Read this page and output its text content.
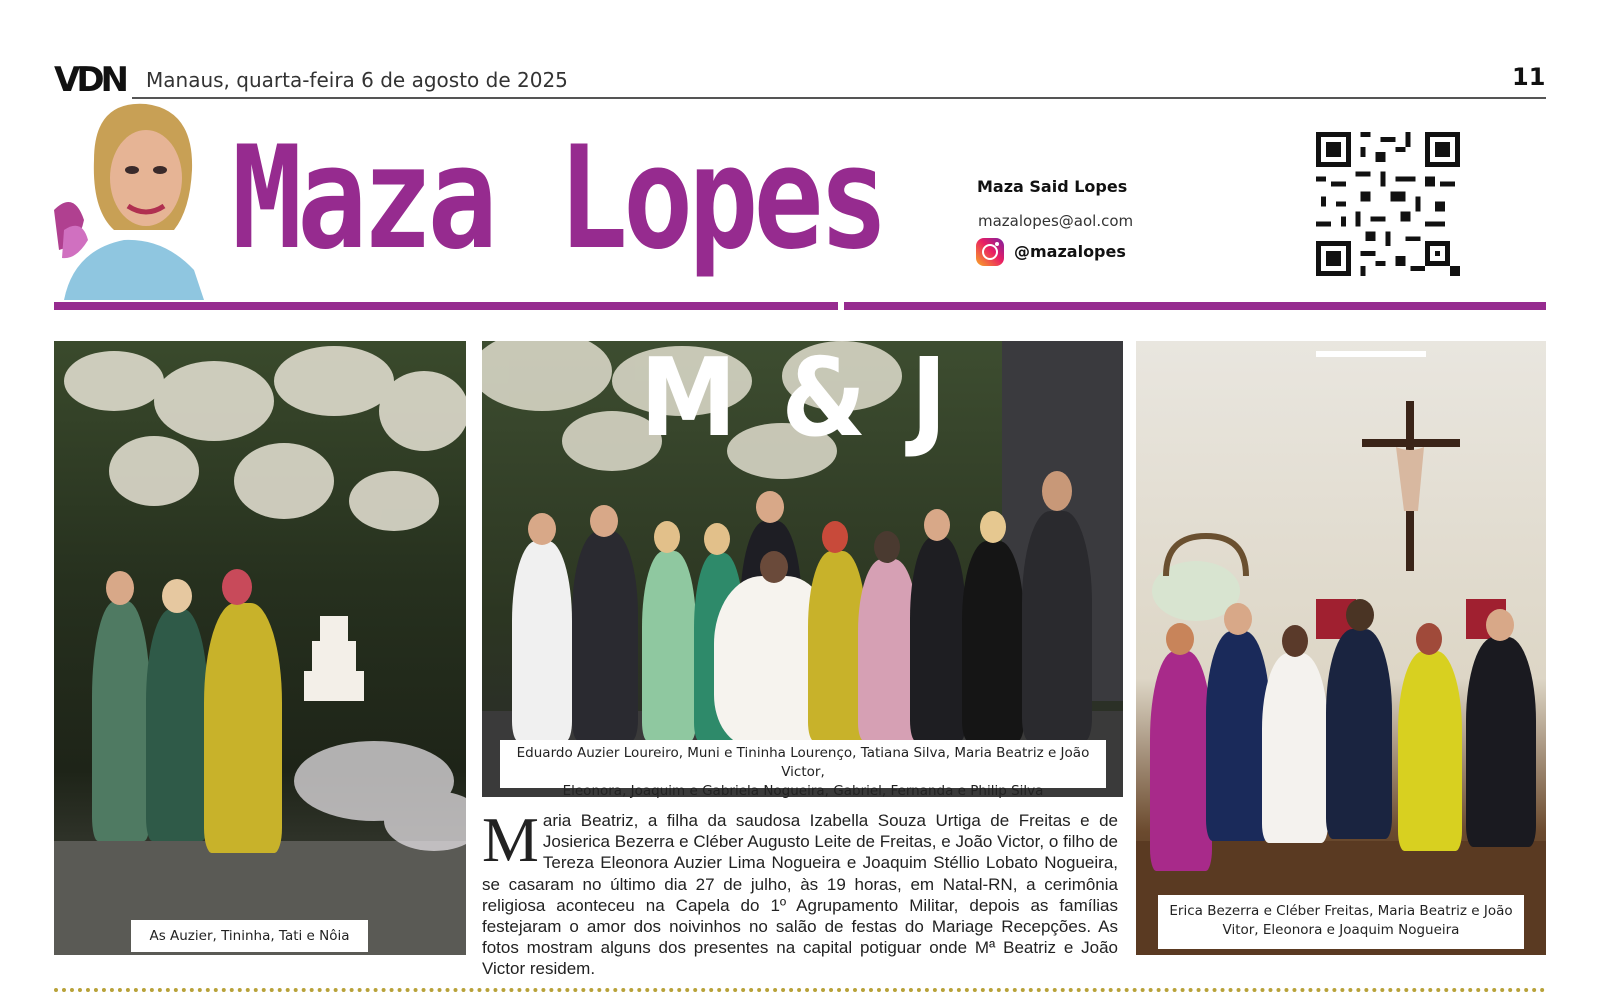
VDN Manaus, quarta-feira 6 de agosto de 2025	11
Maza Lopes	Maza Said Lopes
mazalopes@aol.com
@mazalopes
As Auzier, Tininha, Tati e Nôia
M & J
Eduardo Auzier Loureiro, Muni e Tininha Lourenço, Tatiana Silva, Maria Beatriz e João Victor,
Eleonora, Joaquim e Gabriela Nogueira, Gabriel, Fernanda e Philip Silva
M aria Beatriz, a filha da saudosa Izabella Souza Urtiga de Freitas e de Josierica Bezerra e Cléber Augusto Leite de Freitas, e João Victor, o filho de Tereza Eleonora Auzier Lima Nogueira e Joaquim Stéllio Lobato Nogueira, se casaram no último dia 27 de julho, às 19 horas, em Natal-RN, a cerimônia religiosa aconteceu na Capela do 1º Agrupamento Militar, depois as famílias festejaram o amor dos noivinhos no salão de festas do Mariage Recepções. As fotos mostram alguns dos presentes na capital potiguar onde Mª Beatriz e João Victor residem.
Erica Bezerra e Cléber Freitas, Maria Beatriz e João
Vitor, Eleonora e Joaquim Nogueira
